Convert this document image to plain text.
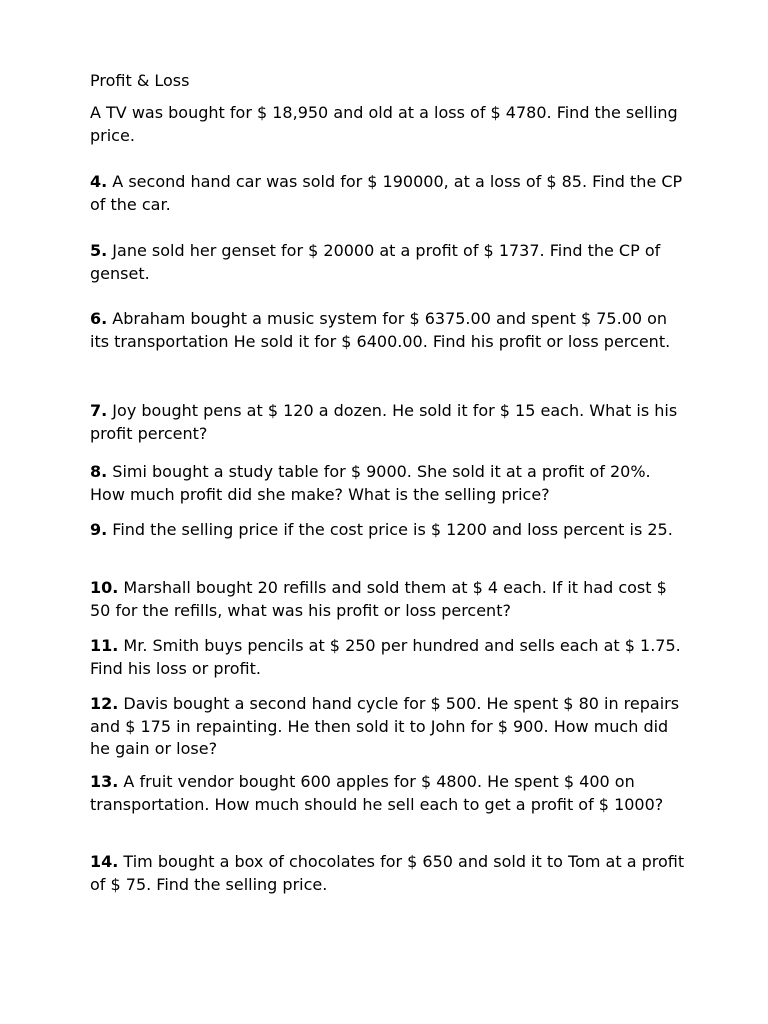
Profit & Loss

A TV was bought for $ 18,950 and old at a loss of $ 4780. Find the selling price.

4. A second hand car was sold for $ 190000, at a loss of $ 85. Find the CP of the car.

5. Jane sold her genset for $ 20000 at a profit of $ 1737. Find the CP of genset.

6. Abraham bought a music system for $ 6375.00 and spent $ 75.00 on its transportation He sold it for $ 6400.00. Find his profit or loss percent.

7. Joy bought pens at $ 120 a dozen. He sold it for $ 15 each. What is his profit percent?

8. Simi bought a study table for $ 9000. She sold it at a profit of 20%. How much profit did she make? What is the selling price?

9. Find the selling price if the cost price is $ 1200 and loss percent is 25.

10. Marshall bought 20 refills and sold them at $ 4 each. If it had cost $ 50 for the refills, what was his profit or loss percent?

11. Mr. Smith buys pencils at $ 250 per hundred and sells each at $ 1.75. Find his loss or profit.

12. Davis bought a second hand cycle for $ 500. He spent $ 80 in repairs and $ 175 in repainting. He then sold it to John for $ 900. How much did he gain or lose?

13. A fruit vendor bought 600 apples for $ 4800. He spent $ 400 on transportation. How much should he sell each to get a profit of $ 1000?

14. Tim bought a box of chocolates for $ 650 and sold it to Tom at a profit of $ 75. Find the selling price.
